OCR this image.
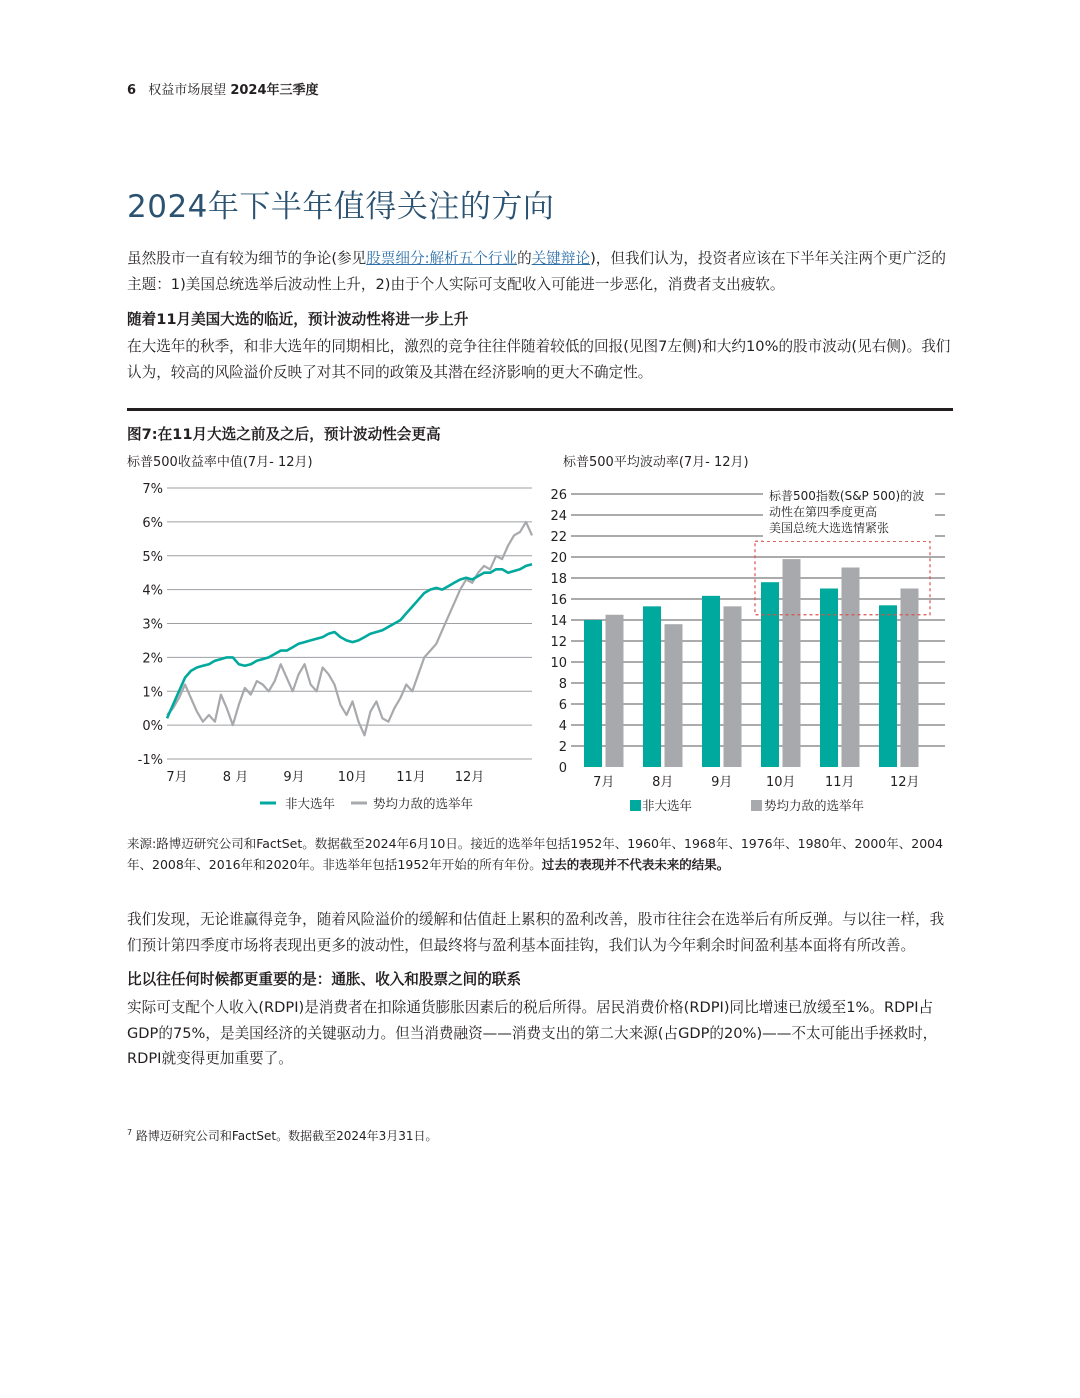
6 权益市场展望 2024年三季度
2024年下半年值得关注的方向
虽然股市一直有较为细节的争论(参见股票细分:解析五个行业的关键辩论)，但我们认为，投资者应该在下半年关注两个更广泛的主题：1)美国总统选举后波动性上升，2)由于个人实际可支配收入可能进一步恶化，消费者支出疲软。
随着11月美国大选的临近，预计波动性将进一步上升
在大选年的秋季，和非大选年的同期相比，激烈的竞争往往伴随着较低的回报(见图7左侧)和大约10%的股市波动(见右侧)。我们认为，较高的风险溢价反映了对其不同的政策及其潜在经济影响的更大不确定性。
图7:在11月大选之前及之后，预计波动性会更高
标普500收益率中值(7月- 12月)	标普500平均波动率(7月- 12月)
7%
6%
5%
4%
3%
2%
1%
0%
-1%
7月	8 月	9月	10月 11月 12月
非大选年	势均力敌的选举年
0
2
4
6
8
10
12
14
16
18
20
22
24
26
7月	8月	9月	10月 11月	12月
标普500指数(S&P 500)的波
动性在第四季度更高
美国总统大选选情紧张
非大选年	势均力敌的选举年
来源:路博迈研究公司和FactSet。数据截至2024年6月10日。接近的选举年包括1952年、1960年、1968年、1976年、1980年、2000年、2004年、2008年、2016年和2020年。非选举年包括1952年开始的所有年份。过去的表现并不代表未来的结果。
我们发现，无论谁赢得竞争，随着风险溢价的缓解和估值赶上累积的盈利改善，股市往往会在选举后有所反弹。与以往一样，我们预计第四季度市场将表现出更多的波动性，但最终将与盈利基本面挂钩，我们认为今年剩余时间盈利基本面将有所改善。
比以往任何时候都更重要的是：通胀、收入和股票之间的联系
实际可支配个人收入(RDPI)是消费者在扣除通货膨胀因素后的税后所得。居民消费价格(RDPI)同比增速已放缓至1%。RDPI占GDP的75%，是美国经济的关键驱动力。但当消费融资——消费支出的第二大来源(占GDP的20%)——不太可能出手拯救时，RDPI就变得更加重要了。
$^7$ 路博迈研究公司和FactSet。数据截至2024年3月31日。
